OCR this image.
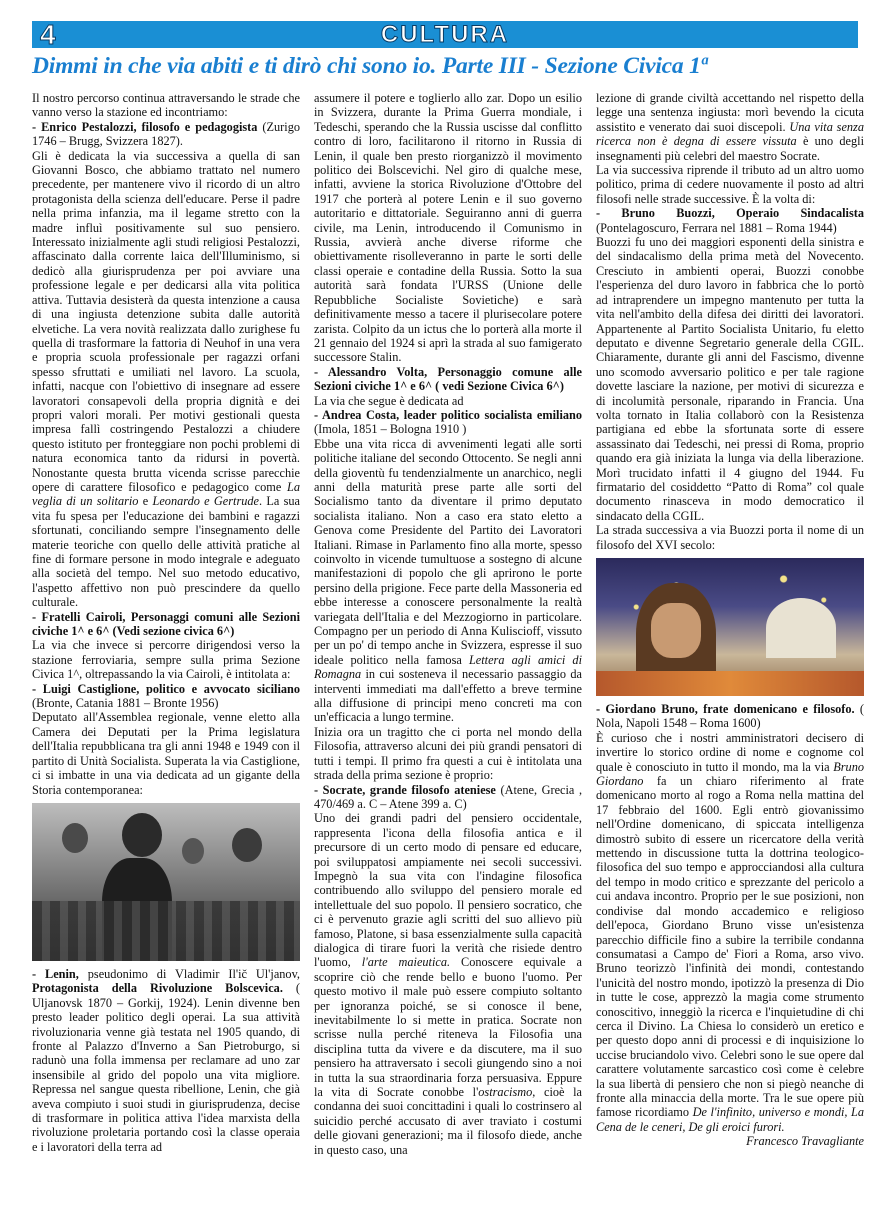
4	CULTURA
Dimmi in che via abiti e ti dirò chi sono io. Parte III - Sezione Civica 1ª

Il nostro percorso continua attraversando le strade che vanno verso la stazione ed incontriamo:

- Enrico Pestalozzi, filosofo e pedagogista (Zurigo 1746 – Brugg, Svizzera 1827).

Gli è dedicata la via successiva a quella di san Giovanni Bosco, che abbiamo trattato nel numero precedente, per mantenere vivo il ricordo di un altro protagonista della scienza dell'educare. Perse il padre nella prima infanzia, ma il legame stretto con la madre influì positivamente sul suo pensiero. Interessato inizialmente agli studi religiosi Pestalozzi, affascinato dalla corrente laica dell'Illuminismo, si dedicò alla giurisprudenza per poi avviare una professione legale e per dedicarsi alla vita politica attiva. Tuttavia desisterà da questa intenzione a causa di una ingiusta detenzione subita dalle autorità elvetiche. La vera novità realizzata dallo zurighese fu quella di trasformare la fattoria di Neuhof in una vera e propria scuola professionale per ragazzi orfani spesso sfruttati e umiliati nel lavoro. La scuola, infatti, nacque con l'obiettivo di insegnare ad essere lavoratori consapevoli della propria dignità e dei propri valori morali. Per motivi gestionali questa impresa fallì costringendo Pestalozzi a chiudere questo istituto per fronteggiare non pochi problemi di natura economica tanto da ridursi in povertà. Nonostante questa brutta vicenda scrisse parecchie opere di carattere filosofico e pedagogico come La veglia di un solitario e Leonardo e Gertrude. La sua vita fu spesa per l'educazione dei bambini e ragazzi sfortunati, conciliando sempre l'insegnamento delle materie teoriche con quello delle attività pratiche al fine di formare persone in modo integrale e adeguato alla società del tempo. Nel suo metodo educativo, l'aspetto affettivo non può prescindere da quello culturale.

- Fratelli Cairoli, Personaggi comuni alle Sezioni civiche 1^ e 6^ (Vedi sezione civica 6^)

La via che invece si percorre dirigendosi verso la stazione ferroviaria, sempre sulla prima Sezione Civica 1^, oltrepassando la via Cairoli, è intitolata a:

- Luigi Castiglione, politico e avvocato siciliano (Bronte, Catania 1881 – Bronte 1956)

Deputato all'Assemblea regionale, venne eletto alla Camera dei Deputati per la Prima legislatura dell'Italia repubblicana tra gli anni 1948 e 1949 con il partito di Unità Socialista. Superata la via Castiglione, ci si imbatte in una via dedicata ad un gigante della Storia contemporanea:

- Lenin, pseudonimo di Vladimir Il'ič Ul'janov, Protagonista della Rivoluzione Bolscevica. ( Uljanovsk 1870 – Gorkij, 1924). Lenin divenne ben presto leader politico degli operai. La sua attività rivoluzionaria venne già testata nel 1905 quando, di fronte al Palazzo d'Inverno a San Pietroburgo, si radunò una folla immensa per reclamare ad uno zar insensibile al grido del popolo una vita migliore. Repressa nel sangue questa ribellione, Lenin, che già aveva compiuto i suoi studi in giurisprudenza, decise di trasformare in politica attiva l'idea marxista della rivoluzione proletaria portando così la classe operaia e i lavoratori della terra ad

assumere il potere e toglierlo allo zar. Dopo un esilio in Svizzera, durante la Prima Guerra mondiale, i Tedeschi, sperando che la Russia uscisse dal conflitto contro di loro, facilitarono il ritorno in Russia di Lenin, il quale ben presto riorganizzò il movimento politico dei Bolscevichi. Nel giro di qualche mese, infatti, avviene la storica Rivoluzione d'Ottobre del 1917 che porterà al potere Lenin e il suo governo autoritario e dittatoriale. Seguiranno anni di guerra civile, ma Lenin, introducendo il Comunismo in Russia, avvierà anche diverse riforme che obiettivamente risolleveranno in parte le sorti delle classi operaie e contadine della Russia. Sotto la sua autorità sarà fondata l'URSS (Unione delle Repubbliche Socialiste Sovietiche) e sarà definitivamente messo a tacere il plurisecolare potere zarista. Colpito da un ictus che lo porterà alla morte il 21 gennaio del 1924 si aprì la strada al suo famigerato successore Stalin.

- Alessandro Volta, Personaggio comune alle Sezioni civiche 1^ e 6^ ( vedi Sezione Civica 6^)

La via che segue è dedicata ad

- Andrea Costa, leader politico socialista emiliano (Imola, 1851 – Bologna 1910 )

Ebbe una vita ricca di avvenimenti legati alle sorti politiche italiane del secondo Ottocento. Se negli anni della gioventù fu tendenzialmente un anarchico, negli anni della maturità prese parte alle sorti del Socialismo tanto da diventare il primo deputato socialista italiano. Non a caso era stato eletto a Genova come Presidente del Partito dei Lavoratori Italiani. Rimase in Parlamento fino alla morte, spesso coinvolto in vicende tumultuose a sostegno di alcune manifestazioni di popolo che gli aprirono le porte persino della prigione. Fece parte della Massoneria ed ebbe interesse a conoscere personalmente la realtà variegata dell'Italia e del Mezzogiorno in particolare. Compagno per un periodo di Anna Kuliscioff, vissuto per un po' di tempo anche in Svizzera, espresse il suo ideale politico nella famosa Lettera agli amici di Romagna in cui sosteneva il necessario passaggio da interventi immediati ma dall'effetto a breve termine alla diffusione di principi meno concreti ma con un'efficacia a lungo termine.

Inizia ora un tragitto che ci porta nel mondo della Filosofia, attraverso alcuni dei più grandi pensatori di tutti i tempi. Il primo fra questi a cui è intitolata una strada della prima sezione è proprio:

- Socrate, grande filosofo ateniese (Atene, Grecia , 470/469 a. C – Atene 399 a. C)

Uno dei grandi padri del pensiero occidentale, rappresenta l'icona della filosofia antica e il precursore di un certo modo di pensare ed educare, poi sviluppatosi ampiamente nei secoli successivi. Impegnò la sua vita con l'indagine filosofica contribuendo allo sviluppo del pensiero morale ed intellettuale del suo popolo. Il pensiero socratico, che ci è pervenuto grazie agli scritti del suo allievo più famoso, Platone, si basa essenzialmente sulla capacità dialogica di tirare fuori la verità che risiede dentro l'uomo, l'arte maieutica. Conoscere equivale a scoprire ciò che rende bello e buono l'uomo. Per questo motivo il male può essere compiuto soltanto per ignoranza poiché, se si conosce il bene, inevitabilmente lo si mette in pratica. Socrate non scrisse nulla perché riteneva la Filosofia una disciplina tutta da vivere e da discutere, ma il suo pensiero ha attraversato i secoli giungendo sino a noi in tutta la sua straordinaria forza persuasiva. Eppure la vita di Socrate conobbe l'ostracismo, cioè la condanna dei suoi concittadini i quali lo costrinsero al suicidio perché accusato di aver traviato i costumi delle giovani generazioni; ma il filosofo diede, anche in questo caso, una

lezione di grande civiltà accettando nel rispetto della legge una sentenza ingiusta: morì bevendo la cicuta assistito e venerato dai suoi discepoli. Una vita senza ricerca non è degna di essere vissuta è uno degli insegnamenti più celebri del maestro Socrate.

La via successiva riprende il tributo ad un altro uomo politico, prima di cedere nuovamente il posto ad altri filosofi nelle strade successive. È la volta di:

- Bruno Buozzi, Operaio Sindacalista (Pontelagoscuro, Ferrara nel 1881 – Roma 1944)

Buozzi fu uno dei maggiori esponenti della sinistra e del sindacalismo della prima metà del Novecento. Cresciuto in ambienti operai, Buozzi conobbe l'esperienza del duro lavoro in fabbrica che lo portò ad intraprendere un impegno mantenuto per tutta la vita nell'ambito della difesa dei diritti dei lavoratori. Appartenente al Partito Socialista Unitario, fu eletto deputato e divenne Segretario generale della CGIL. Chiaramente, durante gli anni del Fascismo, divenne uno scomodo avversario politico e per tale ragione dovette lasciare la nazione, per motivi di sicurezza e di incolumità personale, riparando in Francia. Una volta tornato in Italia collaborò con la Resistenza partigiana ed ebbe la sfortunata sorte di essere assassinato dai Tedeschi, nei pressi di Roma, proprio quando era già iniziata la lunga via della liberazione. Morì trucidato infatti il 4 giugno del 1944. Fu firmatario del cosiddetto “Patto di Roma” col quale documento rinasceva in modo democratico il sindacato della CGIL.

La strada successiva a via Buozzi porta il nome di un filosofo del XVI secolo:

- Giordano Bruno, frate domenicano e filosofo. ( Nola, Napoli 1548 – Roma 1600)

È curioso che i nostri amministratori decisero di invertire lo storico ordine di nome e cognome col quale è conosciuto in tutto il mondo, ma la via Bruno Giordano fa un chiaro riferimento al frate domenicano morto al rogo a Roma nella mattina del 17 febbraio del 1600. Egli entrò giovanissimo nell'Ordine domenicano, di spiccata intelligenza dimostrò subito di essere un ricercatore della verità mettendo in discussione tutta la dottrina teologico-filosofica del suo tempo e approcciandosi alla cultura del tempo in modo critico e sprezzante del pericolo a cui andava incontro. Proprio per le sue posizioni, non condivise dal mondo accademico e religioso dell'epoca, Giordano Bruno visse un'esistenza parecchio difficile fino a subire la terribile condanna consumatasi a Campo de' Fiori a Roma, arso vivo. Bruno teorizzò l'infinità dei mondi, contestando l'unicità del nostro mondo, ipotizzò la presenza di Dio in tutte le cose, apprezzò la magia come strumento conoscitivo, inneggiò la ricerca e l'inquietudine di chi cerca il Divino. La Chiesa lo considerò un eretico e per questo dopo anni di processi e di inquisizione lo uccise bruciandolo vivo. Celebri sono le sue opere dal carattere volutamente sarcastico così come è celebre la sua libertà di pensiero che non si piegò neanche di fronte alla minaccia della morte. Tra le sue opere più famose ricordiamo De l'infinito, universo e mondi, La Cena de le ceneri, De gli eroici furori.

Francesco Travagliante
